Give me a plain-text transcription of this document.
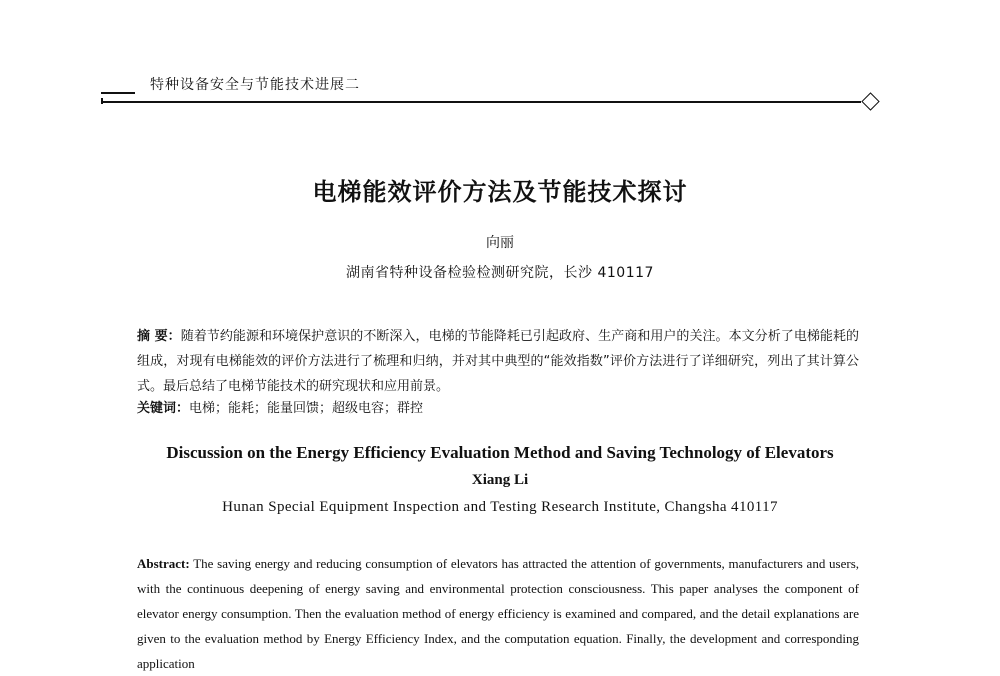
特种设备安全与节能技术进展二
电梯能效评价方法及节能技术探讨
向丽
湖南省特种设备检验检测研究院，长沙 410117
摘 要：随着节约能源和环境保护意识的不断深入，电梯的节能降耗已引起政府、生产商和用户的关注。本文分析了电梯能耗的组成，对现有电梯能效的评价方法进行了梳理和归纳，并对其中典型的“能效指数”评价方法进行了详细研究，列出了其计算公式。最后总结了电梯节能技术的研究现状和应用前景。
关键词：电梯；能耗；能量回馈；超级电容；群控
Discussion on the Energy Efficiency Evaluation Method and Saving Technology of Elevators
Xiang Li
Hunan Special Equipment Inspection and Testing Research Institute, Changsha 410117
Abstract: The saving energy and reducing consumption of elevators has attracted the attention of governments, manufacturers and users, with the continuous deepening of energy saving and environmental protection consciousness. This paper analyses the component of elevator energy consumption. Then the evaluation method of energy efficiency is examined and compared, and the detail explanations are given to the evaluation method by Energy Efficiency Index, and the computation equation. Finally, the development and corresponding application
